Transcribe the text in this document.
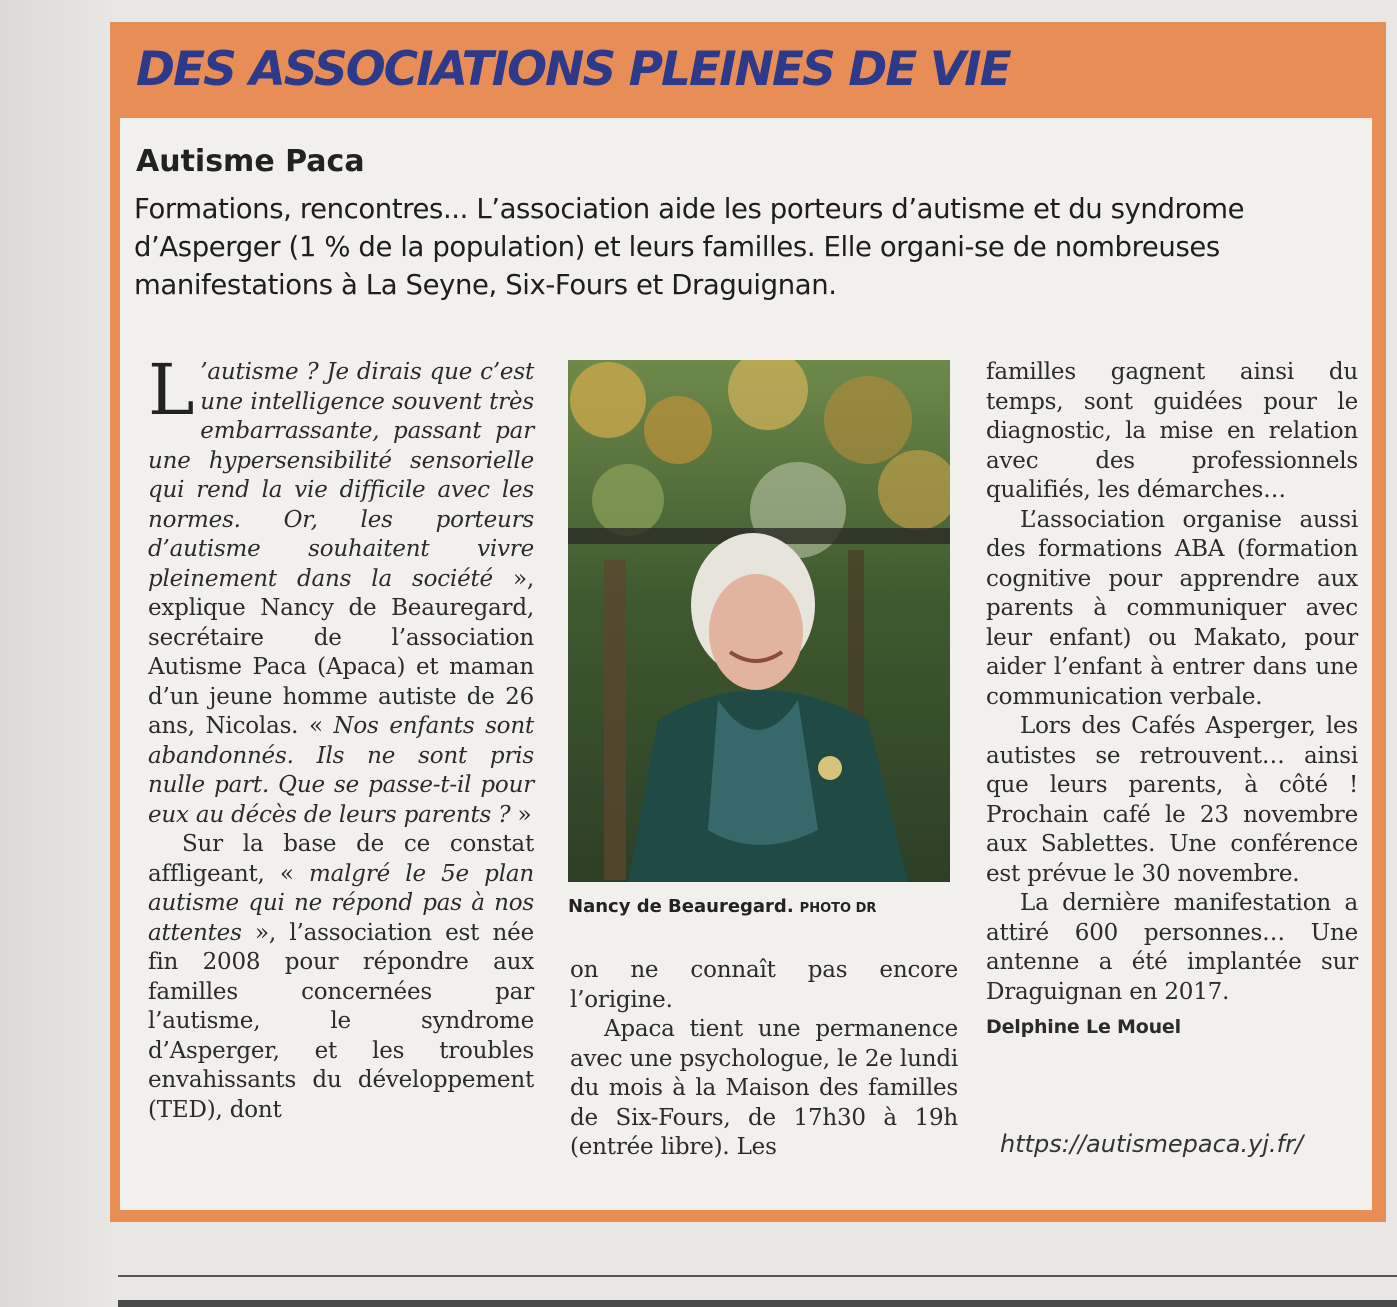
DES ASSOCIATIONS PLEINES DE VIE
Autisme Paca
Formations, rencontres... L’association aide les porteurs d’autisme et du syndrome d’Asperger (1 % de la population) et leurs familles. Elle organi-se de nombreuses manifestations à La Seyne, Six-Fours et Draguignan.

L ’autisme ? Je dirais que c’est une intelligence souvent très embarrassante, passant par une hypersensibilité sensorielle qui rend la vie difficile avec les normes. Or, les porteurs d’autisme souhaitent vivre pleinement dans la société », explique Nancy de Beauregard, secrétaire de l’association Autisme Paca (Apaca) et maman d’un jeune homme autiste de 26 ans, Nicolas. « Nos enfants sont abandonnés. Ils ne sont pris nulle part. Que se passe-t-il pour eux au décès de leurs parents ? »

Sur la base de ce constat affligeant, « malgré le 5e plan autisme qui ne répond pas à nos attentes », l’association est née fin 2008 pour répondre aux familles concernées par l’autisme, le syndrome d’Asperger, et les troubles envahissants du développement (TED), dont

Nancy de Beauregard. PHOTO DR

on ne connaît pas encore l’origine.

Apaca tient une permanence avec une psychologue, le 2e lundi du mois à la Maison des familles de Six-Fours, de 17h30 à 19h (entrée libre). Les

familles gagnent ainsi du temps, sont guidées pour le diagnostic, la mise en relation avec des professionnels qualifiés, les démarches…

L’association organise aussi des formations ABA (formation cognitive pour apprendre aux parents à communiquer avec leur enfant) ou Makato, pour aider l’enfant à entrer dans une communication verbale.

Lors des Cafés Asperger, les autistes se retrouvent… ainsi que leurs parents, à côté ! Prochain café le 23 novembre aux Sablettes. Une conférence est prévue le 30 novembre.

La dernière manifestation a attiré 600 personnes… Une antenne a été implantée sur Draguignan en 2017.

Delphine Le Mouel
https://autismepaca.yj.fr/
